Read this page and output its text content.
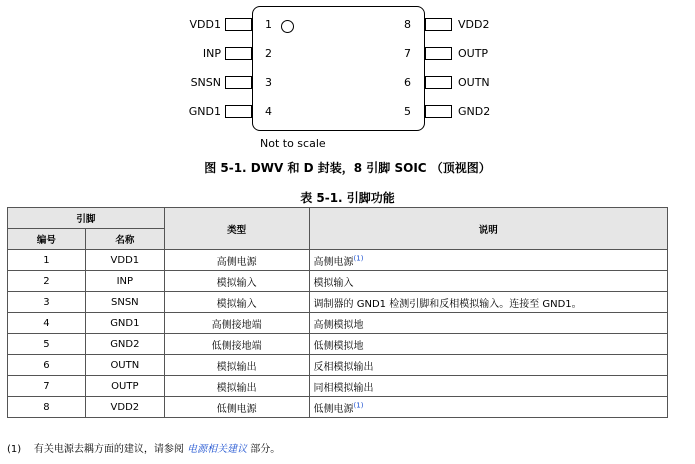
VDD1
INP
SNSN
GND1
1
2
3
4
8
7
6
5
VDD2
OUTP
OUTN
GND2
Not to scale
图 5-1. DWV 和 D 封装，8 引脚 SOIC （顶视图）
表 5-1. 引脚功能
引脚		类型	说明
编号	名称		
1	VDD1	高侧电源	高侧电源$^{(1)}$
2	INP	模拟输入	模拟输入
3	SNSN	模拟输入	调制器的 GND1 检测引脚和反相模拟输入。连接至 GND1。
4	GND1	高侧接地端	高侧模拟地
5	GND2	低侧接地端	低侧模拟地
6	OUTN	模拟输出	反相模拟输出
7	OUTP	模拟输出	同相模拟输出
8	VDD2	低侧电源	低侧电源$^{(1)}$
(1) 有关电源去耦方面的建议，请参阅 电源相关建议 部分。
